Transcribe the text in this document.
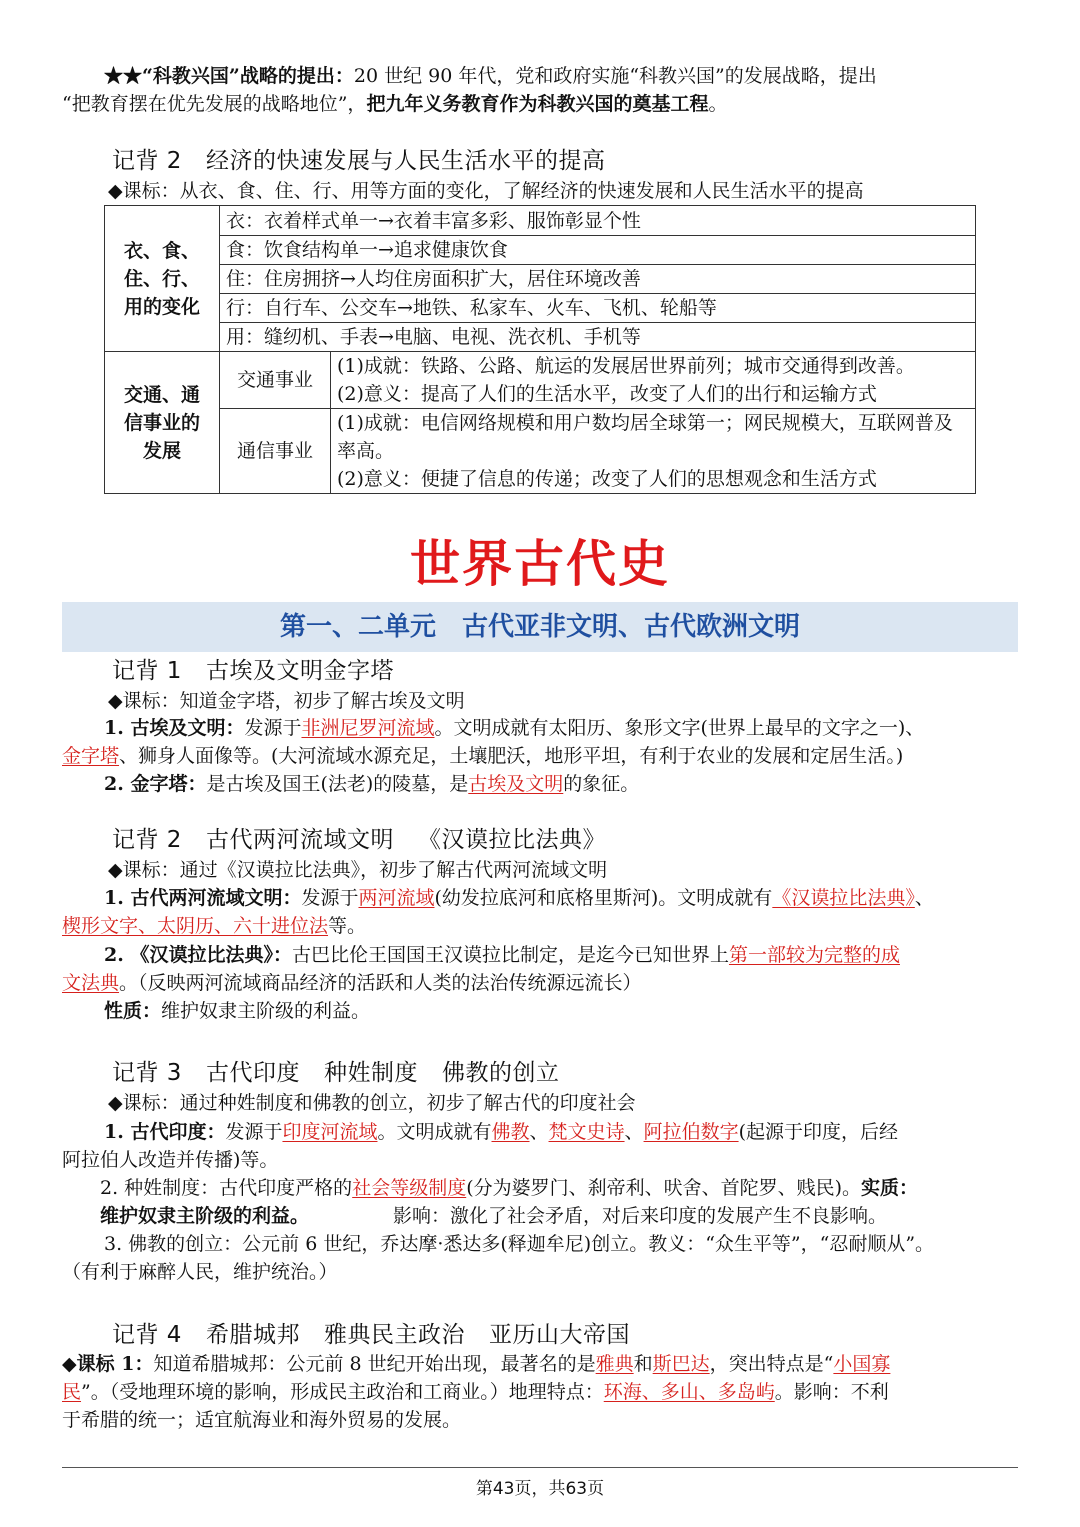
★★“科教兴国”战略的提出：20 世纪 90 年代，党和政府实施“科教兴国”的发展战略，提出
“把教育摆在优先发展的战略地位”，把九年义务教育作为科教兴国的奠基工程。
记背 2 经济的快速发展与人民生活水平的提高
◆课标：从衣、食、住、行、用等方面的变化，了解经济的快速发展和人民生活水平的提高
衣、食、住、行、用的变化	衣：衣着样式单一→衣着丰富多彩、服饰彰显个性	
	食：饮食结构单一→追求健康饮食	
	住：住房拥挤→人均住房面积扩大，居住环境改善	
	行：自行车、公交车→地铁、私家车、火车、飞机、轮船等	
	用：缝纫机、手表→电脑、电视、洗衣机、手机等	

交通、通信事业的发展	交通事业	(1)成就：铁路、公路、航运的发展居世界前列；城市交通得到改善。
(2)意义：提高了人们的生活水平，改变了人们的出行和运输方式

	通信事业	(1)成就：电信网络规模和用户数均居全球第一；网民规模大，互联网普及率高。
(2)意义：便捷了信息的传递；改变了人们的思想观念和生活方式
世界古代史
第一、二单元　古代亚非文明、古代欧洲文明
记背 1 古埃及文明金字塔
◆课标：知道金字塔，初步了解古埃及文明
1. 古埃及文明：发源于非洲尼罗河流域。文明成就有太阳历、象形文字(世界上最早的文字之一)、
金字塔、狮身人面像等。(大河流域水源充足，土壤肥沃，地形平坦，有利于农业的发展和定居生活。)
2. 金字塔：是古埃及国王(法老)的陵墓，是古埃及文明的象征。
记背 2 古代两河流域文明 《汉谟拉比法典》
◆课标：通过《汉谟拉比法典》，初步了解古代两河流域文明
1. 古代两河流域文明：发源于两河流域(幼发拉底河和底格里斯河)。文明成就有《汉谟拉比法典》、
楔形文字、太阴历、六十进位法等。
2. 《汉谟拉比法典》：古巴比伦王国国王汉谟拉比制定，是迄今已知世界上第一部较为完整的成
文法典。（反映两河流域商品经济的活跃和人类的法治传统源远流长）
性质：维护奴隶主阶级的利益。
记背 3 古代印度 种姓制度 佛教的创立
◆课标：通过种姓制度和佛教的创立，初步了解古代的印度社会
1. 古代印度：发源于印度河流域。文明成就有佛教、梵文史诗、阿拉伯数字(起源于印度，后经
阿拉伯人改造并传播)等。
2. 种姓制度：古代印度严格的社会等级制度(分为婆罗门、刹帝利、吠舍、首陀罗、贱民)。实质：
维护奴隶主阶级的利益。	影响：激化了社会矛盾，对后来印度的发展产生不良影响。
3. 佛教的创立：公元前 6 世纪，乔达摩·悉达多(释迦牟尼)创立。教义：“众生平等”，“忍耐顺从”。
（有利于麻醉人民，维护统治。）
记背 4 希腊城邦 雅典民主政治 亚历山大帝国
◆课标 1：知道希腊城邦：公元前 8 世纪开始出现，最著名的是雅典和斯巴达，突出特点是“小国寡
民”。（受地理环境的影响，形成民主政治和工商业。）地理特点：环海、多山、多岛屿。影响：不利
于希腊的统一；适宜航海业和海外贸易的发展。
第43页，共63页
